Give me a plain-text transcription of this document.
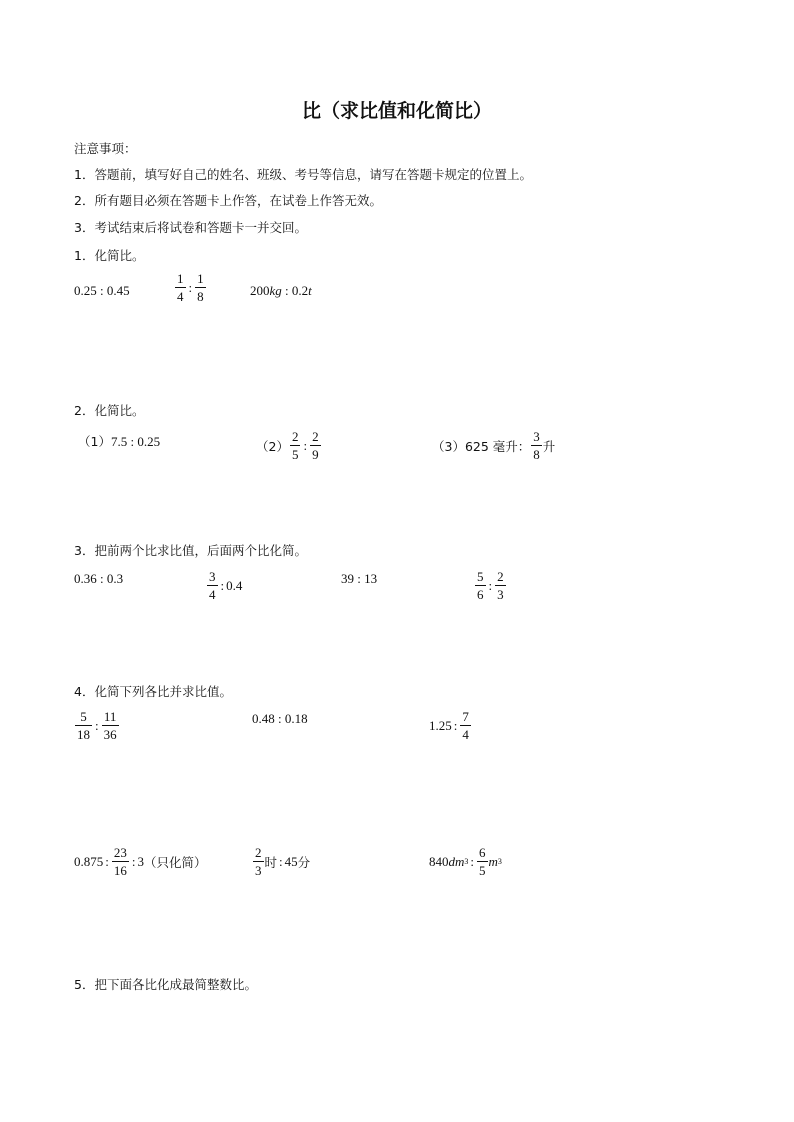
比（求比值和化简比）
注意事项：
1．答题前，填写好自己的姓名、班级、考号等信息，请写在答题卡规定的位置上。
2．所有题目必须在答题卡上作答，在试卷上作答无效。
3．考试结束后将试卷和答题卡一并交回。
1．化简比。
0.25 : 0.45	$\frac{1}{4}$ : $\frac{1}{8}$	200kg : 0.2t
2．化简比。
（1）7.5 : 0.25	$(2) \frac{2}{5}$ : $\frac{2}{9}$	（3）625 毫升： $\frac{3}{8}$ 升
3．把前两个比求比值，后面两个比化简。
0.36 : 0.3	$\frac{3}{4}$ : 0.4	39 : 13	$\frac{5}{6}$ : $\frac{2}{3}$
4．化简下列各比并求比值。
$\frac{5}{18}$ : $\frac{11}{36}$	0.48 : 0.18	1.25 : $\frac{7}{4}$
0.875 : $\frac{23}{16}$ : 3 （只化简）	$\frac{2}{3}$ 时 : 45 分	840 dm 3 : $\frac{6}{5}$ m 3
5．把下面各比化成最简整数比。
